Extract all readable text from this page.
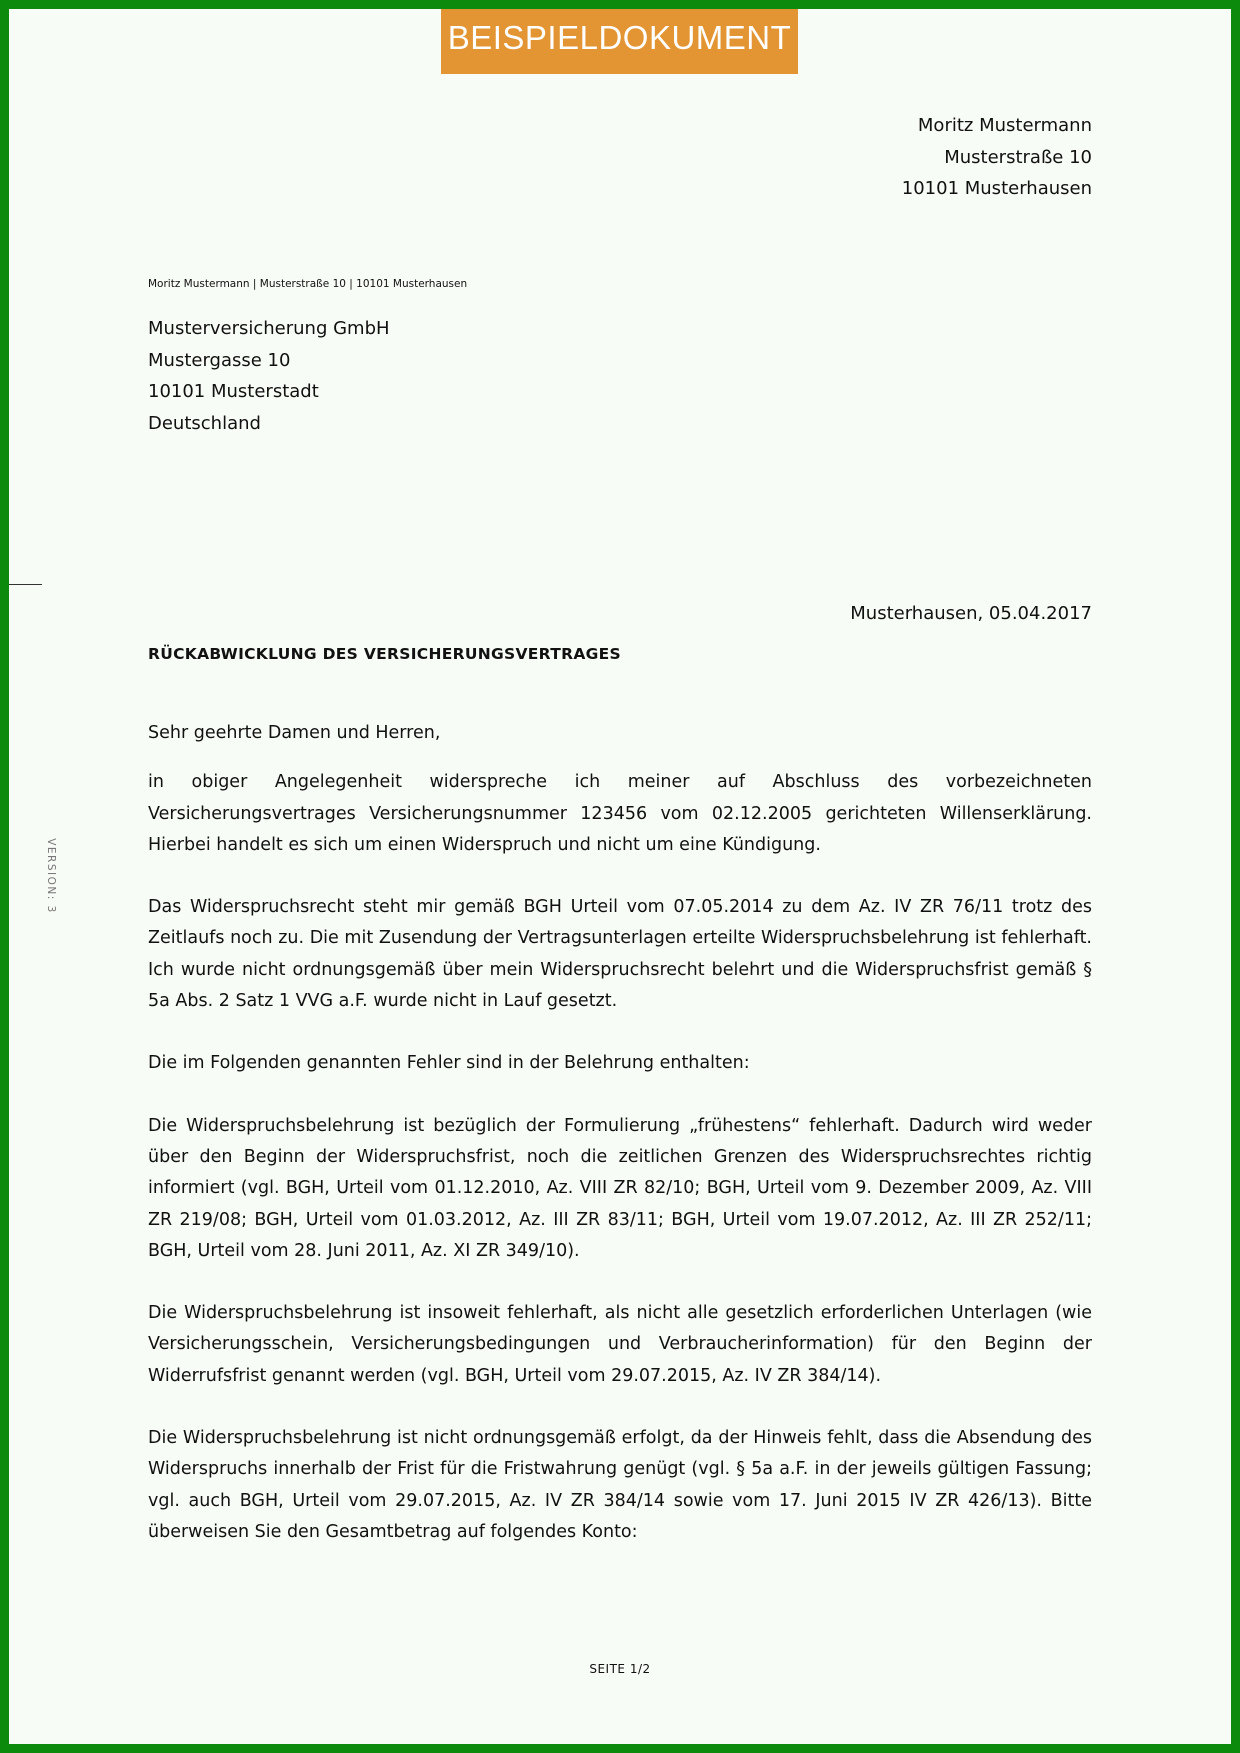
BEISPIELDOKUMENT
Moritz Mustermann
Musterstraße 10
10101 Musterhausen
Moritz Mustermann | Musterstraße 10 | 10101 Musterhausen
Musterversicherung GmbH
Mustergasse 10
10101 Musterstadt
Deutschland
VERSION: 3
Musterhausen, 05.04.2017
RÜCKABWICKLUNG DES VERSICHERUNGSVERTRAGES

Sehr geehrte Damen und Herren,

in obiger Angelegenheit widerspreche ich meiner auf Abschluss des vorbezeichneten Versicherungsvertrages Versicherungsnummer 123456 vom 02.12.2005 gerichteten Willenserklärung. Hierbei handelt es sich um einen Widerspruch und nicht um eine Kündigung.

Das Widerspruchsrecht steht mir gemäß BGH Urteil vom 07.05.2014 zu dem Az. IV ZR 76/11 trotz des Zeitlaufs noch zu. Die mit Zusendung der Vertragsunterlagen erteilte Widerspruchsbelehrung ist fehlerhaft. Ich wurde nicht ordnungsgemäß über mein Widerspruchsrecht belehrt und die Widerspruchsfrist gemäß § 5a Abs. 2 Satz 1 VVG a.F. wurde nicht in Lauf gesetzt.

Die im Folgenden genannten Fehler sind in der Belehrung enthalten:

Die Widerspruchsbelehrung ist bezüglich der Formulierung „frühestens“ fehlerhaft. Dadurch wird weder über den Beginn der Widerspruchsfrist, noch die zeitlichen Grenzen des Widerspruchsrechtes richtig informiert (vgl. BGH, Urteil vom 01.12.2010, Az. VIII ZR 82/10; BGH, Urteil vom 9. Dezember 2009, Az. VIII ZR 219/08; BGH, Urteil vom 01.03.2012, Az. III ZR 83/11; BGH, Urteil vom 19.07.2012, Az. III ZR 252/11; BGH, Urteil vom 28. Juni 2011, Az. XI ZR 349/10).

Die Widerspruchsbelehrung ist insoweit fehlerhaft, als nicht alle gesetzlich erforderlichen Unterlagen (wie Versicherungsschein, Versicherungsbedingungen und Verbraucherinformation) für den Beginn der Widerrufsfrist genannt werden (vgl. BGH, Urteil vom 29.07.2015, Az. IV ZR 384/14).

Die Widerspruchsbelehrung ist nicht ordnungsgemäß erfolgt, da der Hinweis fehlt, dass die Absendung des Widerspruchs innerhalb der Frist für die Fristwahrung genügt (vgl. § 5a a.F. in der jeweils gültigen Fassung; vgl. auch BGH, Urteil vom 29.07.2015, Az. IV ZR 384/14 sowie vom 17. Juni 2015 IV ZR 426/13). Bitte überweisen Sie den Gesamtbetrag auf folgendes Konto:

SEITE 1/2
